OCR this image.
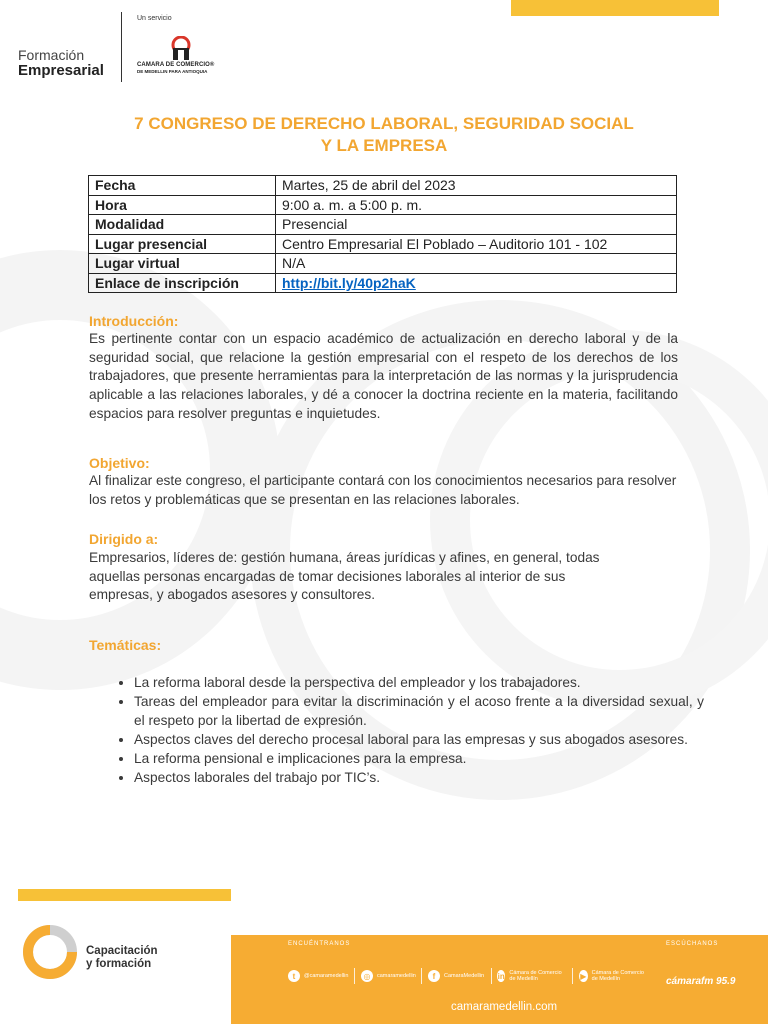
Formación
Empresarial
Un servicio
CAMARA DE COMERCIO®
DE MEDELLIN PARA ANTIOQUIA
7 CONGRESO DE DERECHO LABORAL, SEGURIDAD SOCIAL
Y LA EMPRESA
Fecha	Martes, 25 de abril del 2023
Hora	9:00 a. m. a 5:00 p. m.
Modalidad	Presencial
Lugar presencial	Centro Empresarial El Poblado – Auditorio 101 - 102
Lugar virtual	N/A
Enlace de inscripción	http://bit.ly/40p2haK
Introducción:
Es pertinente contar con un espacio académico de actualización en derecho laboral y de la seguridad social, que relacione la gestión empresarial con el respeto de los derechos de los trabajadores, que presente herramientas para la interpretación de las normas y la jurisprudencia aplicable a las relaciones laborales, y dé a conocer la doctrina reciente en la materia, facilitando espacios para resolver preguntas e inquietudes.
Objetivo:
Al finalizar este congreso, el participante contará con los conocimientos necesarios para resolver los retos y problemáticas que se presentan en las relaciones laborales.
Dirigido a:
Empresarios, líderes de: gestión humana, áreas jurídicas y afines, en general, todas
aquellas personas encargadas de tomar decisiones laborales al interior de sus
empresas, y abogados asesores y consultores.
Temáticas:
• La reforma laboral desde la perspectiva del empleador y los trabajadores.
• Tareas del empleador para evitar la discriminación y el acoso frente a la diversidad sexual, y el respeto por la libertad de expresión.
• Aspectos claves del derecho procesal laboral para las empresas y sus abogados asesores.
• La reforma pensional e implicaciones para la empresa.
• Aspectos laborales del trabajo por TIC’s.
Capacitación
y formación
ENCUÉNTRANOS	ESCÚCHANOS
t	@camaramedellin	◎	camaramedellin	f	CamaraMedellin in Cámara de Comercio de Medellín	▶ Cámara de Comercio de Medellín	cámarafm 95.9
camaramedellin.com
